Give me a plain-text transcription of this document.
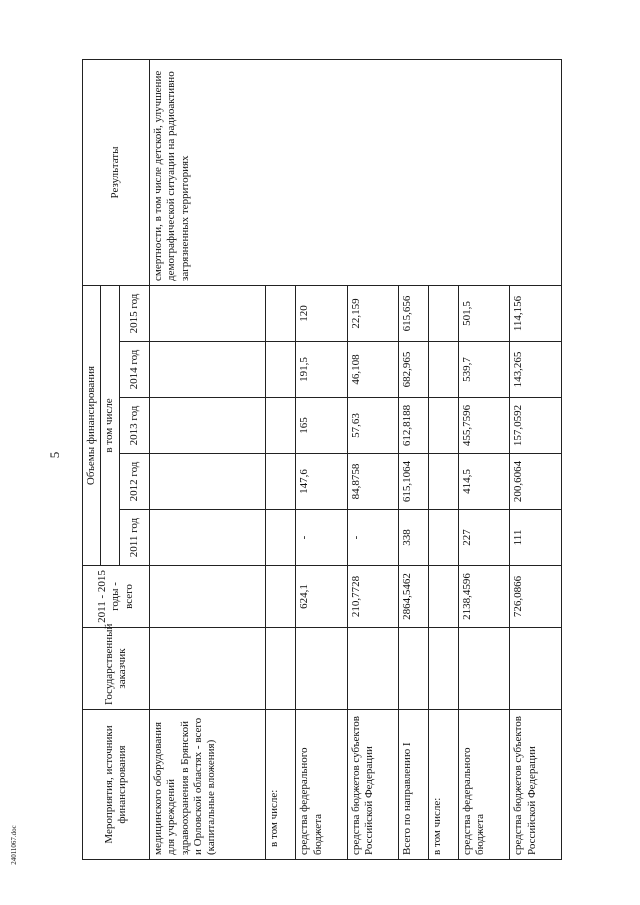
5
Мероприятия, источники финансирования	Государственный заказчик	2011 - 2015 годы - всего	Объемы финансирования					Результаты
			в том числе					
			2011 год	2012 год	2013 год	2014 год	2015 год	
медицинского оборудования для учреждений здравоохранения в Брянской и Орловской областях - всего (капитальные вложения)								смертности, в том числе детской, улучшение демографической ситуации на радиоактивно загрязненных территориях
в том числе:								
средства федерального бюджета		624,1	-	147,6	165	191,5	120	
средства бюджетов субъектов Российской Федерации		210,7728	-	84,8758	57,63	46,108	22,159	
Всего по направлению I		2864,5462	338	615,1064	612,8188	682,965	615,656	
в том числе:								
средства федерального бюджета		2138,4596	227	414,5	455,7596	539,7	501,5	
средства бюджетов субъектов Российской Федерации		726,0866	111	200,6064	157,0592	143,265	114,156	
24011067.doc
